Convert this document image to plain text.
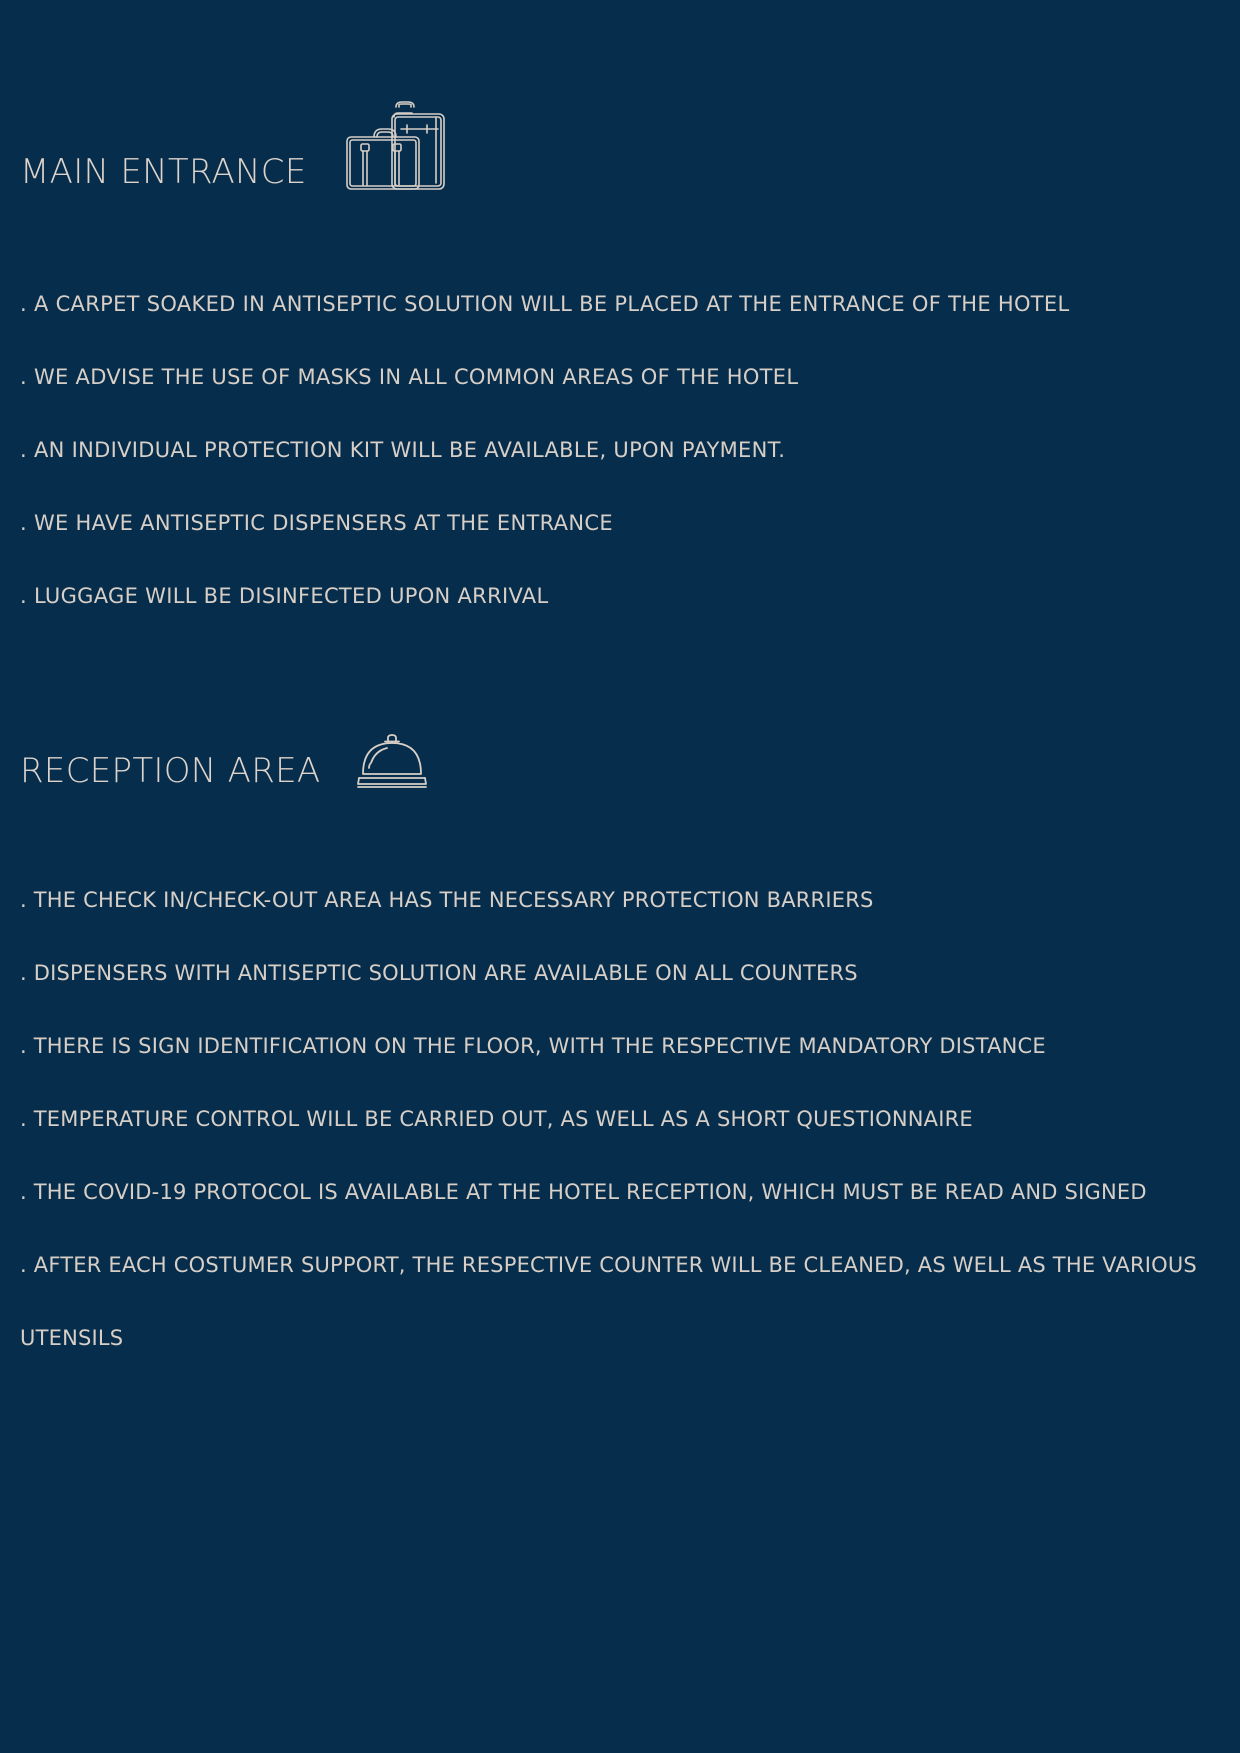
MAIN ENTRANCE
. A CARPET SOAKED IN ANTISEPTIC SOLUTION WILL BE PLACED AT THE ENTRANCE OF THE HOTEL
. WE ADVISE THE USE OF MASKS IN ALL COMMON AREAS OF THE HOTEL
. AN INDIVIDUAL PROTECTION KIT WILL BE AVAILABLE, UPON PAYMENT.
. WE HAVE ANTISEPTIC DISPENSERS AT THE ENTRANCE
. LUGGAGE WILL BE DISINFECTED UPON ARRIVAL
RECEPTION AREA
. THE CHECK IN/CHECK-OUT AREA HAS THE NECESSARY PROTECTION BARRIERS
. DISPENSERS WITH ANTISEPTIC SOLUTION ARE AVAILABLE ON ALL COUNTERS
. THERE IS SIGN IDENTIFICATION ON THE FLOOR, WITH THE RESPECTIVE MANDATORY DISTANCE
. TEMPERATURE CONTROL WILL BE CARRIED OUT, AS WELL AS A SHORT QUESTIONNAIRE
. THE COVID-19 PROTOCOL IS AVAILABLE AT THE HOTEL RECEPTION, WHICH MUST BE READ AND SIGNED
. AFTER EACH COSTUMER SUPPORT, THE RESPECTIVE COUNTER WILL BE CLEANED, AS WELL AS THE VARIOUS UTENSILS
